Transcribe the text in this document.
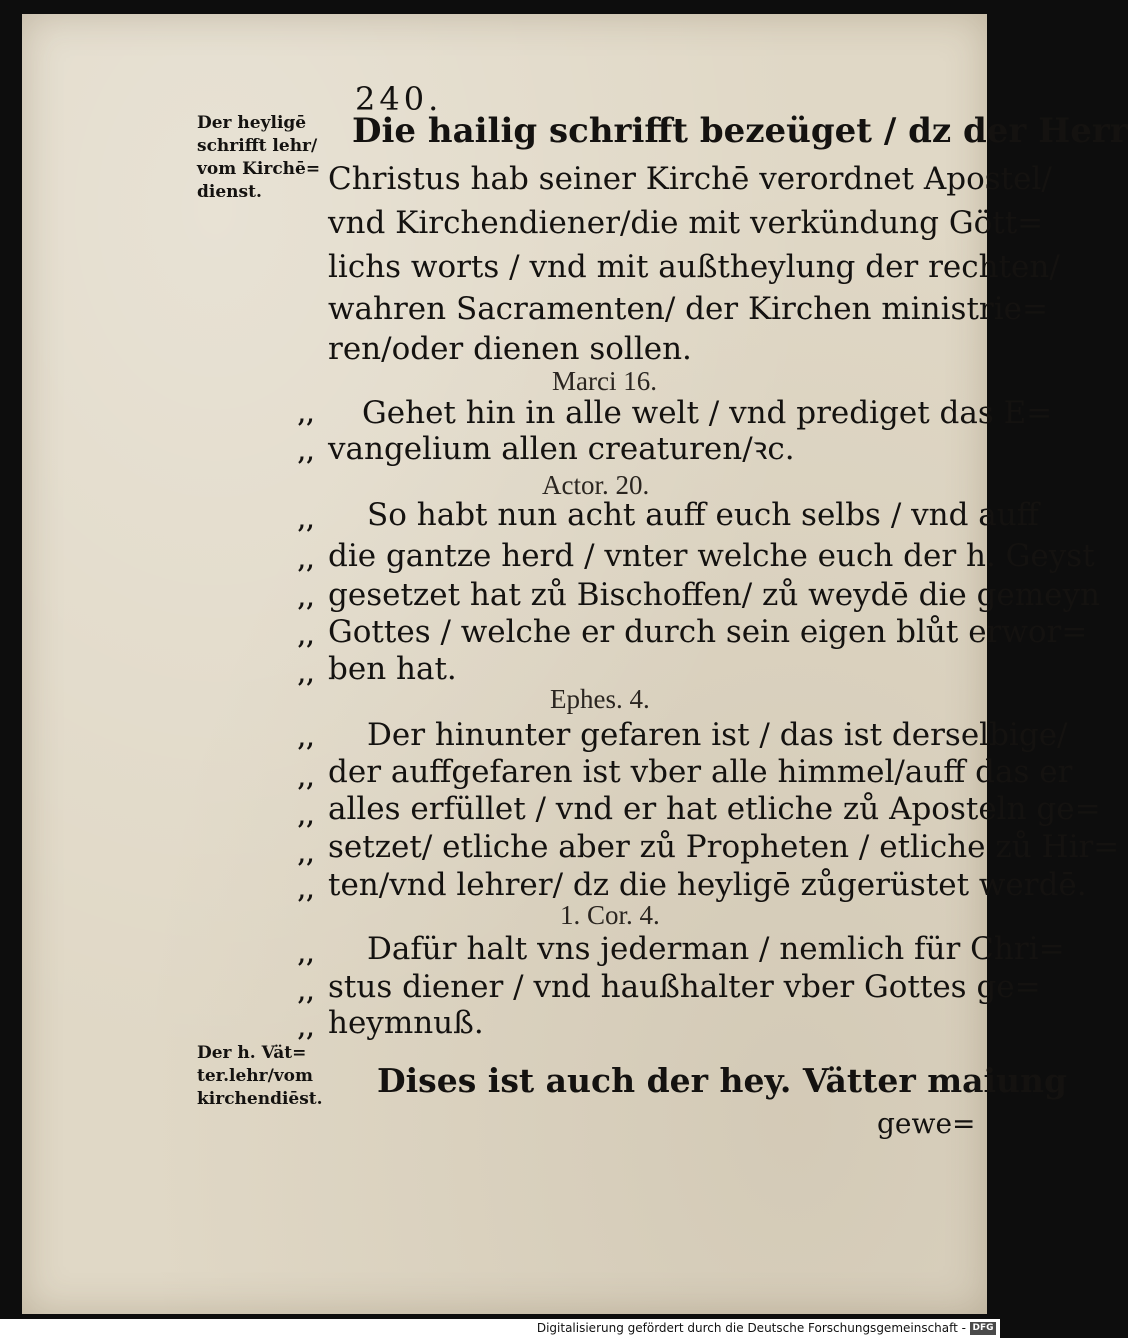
240.
Der heyligē
schrifft lehr/
vom Kirchē=
dienst.
Der h. Vät=
ter.lehr/vom
kirchendiēst.
Die hailig schrifft bezeüget / dz der Herr
Christus hab seiner Kirchē verordnet Apostel/
vnd Kirchendiener/die mit verkündung Gött=
lichs worts / vnd mit außtheylung der rechten/
wahren Sacramenten/ der Kirchen ministrie=
ren/oder dienen sollen.
Marci 16.
,, Gehet hin in alle welt / vnd prediget das E=
,, vangelium allen creaturen/ꝛc.
Actor. 20.
,, So habt nun acht auff euch selbs / vnd auff
,, die gantze herd / vnter welche euch der h. Geyst
,, gesetzet hat zů Bischoffen/ zů weydē die gemeyn
,, Gottes / welche er durch sein eigen blůt erwor=
,, ben hat.
Ephes. 4.
,, Der hinunter gefaren ist / das ist derselbige/
,, der auffgefaren ist vber alle himmel/auff das er
,, alles erfüllet / vnd er hat etliche zů Aposteln ge=
,, setzet/ etliche aber zů Propheten / etliche zů Hir=
,, ten/vnd lehrer/ dz die heyligē zůgerüstet werdē.
1. Cor. 4.
,, Dafür halt vns jederman / nemlich für Chri=
,, stus diener / vnd haußhalter vber Gottes ge=
,, heymnuß.
Dises ist auch der hey. Vätter maiung
gewe=
Digitalisierung gefördert durch die Deutsche Forschungsgemeinschaft - DFG
